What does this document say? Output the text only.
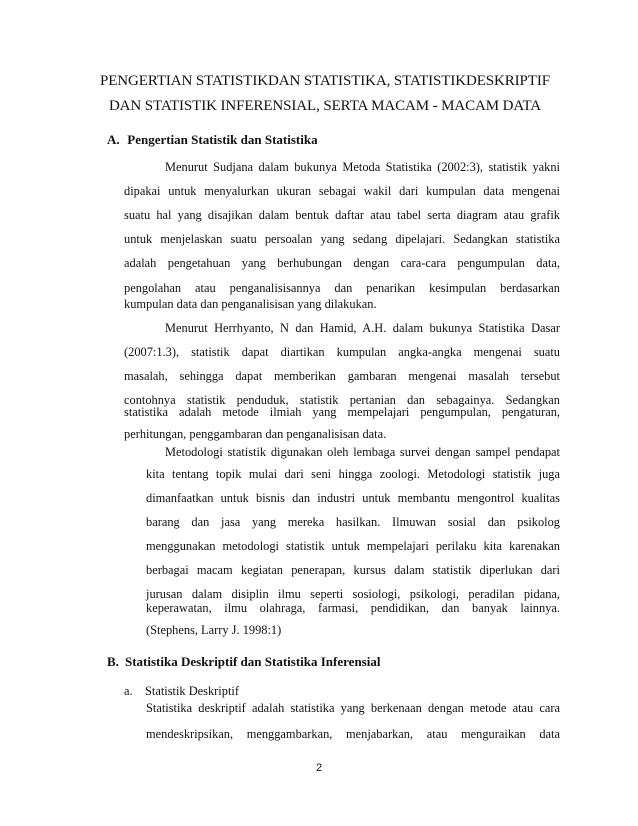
PENGERTIAN STATISTIKDAN STATISTIKA, STATISTIKDESKRIPTIF
DAN STATISTIK INFERENSIAL, SERTA MACAM - MACAM DATA
A. Pengertian Statistik dan Statistika
Menurut Sudjana dalam bukunya Metoda Statistika (2002:3), statistik yakni
dipakai untuk menyalurkan ukuran sebagai wakil dari kumpulan data mengenai
suatu hal yang disajikan dalam bentuk daftar atau tabel serta diagram atau grafik
untuk menjelaskan suatu persoalan yang sedang dipelajari. Sedangkan statistika
adalah pengetahuan yang berhubungan dengan cara-cara pengumpulan data,
pengolahan atau penganalisisannya dan penarikan kesimpulan berdasarkan
kumpulan data dan penganalisisan yang dilakukan.
Menurut Herrhyanto, N dan Hamid, A.H. dalam bukunya Statistika Dasar
(2007:1.3), statistik dapat diartikan kumpulan angka-angka mengenai suatu
masalah, sehingga dapat memberikan gambaran mengenai masalah tersebut
contohnya statistik penduduk, statistik pertanian dan sebagainya. Sedangkan
statistika adalah metode ilmiah yang mempelajari pengumpulan, pengaturan,
perhitungan, penggambaran dan penganalisisan data.
Metodologi statistik digunakan oleh lembaga survei dengan sampel pendapat
kita tentang topik mulai dari seni hingga zoologi. Metodologi statistik juga
dimanfaatkan untuk bisnis dan industri untuk membantu mengontrol kualitas
barang dan jasa yang mereka hasilkan. Ilmuwan sosial dan psikolog
menggunakan metodologi statistik untuk mempelajari perilaku kita karenakan
berbagai macam kegiatan penerapan, kursus dalam statistik diperlukan dari
jurusan dalam disiplin ilmu seperti sosiologi, psikologi, peradilan pidana,
keperawatan, ilmu olahraga, farmasi, pendidikan, dan banyak lainnya.
(Stephens, Larry J. 1998:1)
B. Statistika Deskriptif dan Statistika Inferensial
a. Statistik Deskriptif
Statistika deskriptif adalah statistika yang berkenaan dengan metode atau cara
mendeskripsikan, menggambarkan, menjabarkan, atau menguraikan data
2
